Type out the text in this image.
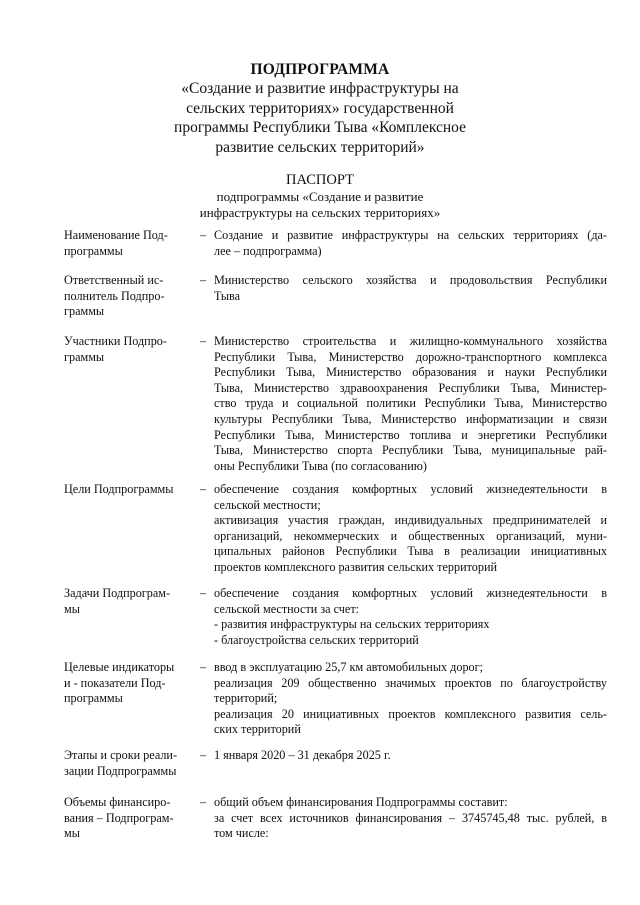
ПОДПРОГРАММА

«Создание и развитие инфраструктуры на

сельских территориях» государственной

программы Республики Тыва «Комплексное

развитие сельских территорий»

ПАСПОРТ

подпрограммы «Создание и развитие

инфраструктуры на сельских территориях»

Наименование Под-
программы
– Создание и развитие инфраструктуры на сельских территориях (да-
лее – подпрограмма)
Ответственный ис-
полнитель Подпро-
граммы
– Министерство сельского хозяйства и продовольствия Республики
Тыва
Участники Подпро-
граммы
– Министерство строительства и жилищно-коммунального хозяйства
Республики Тыва, Министерство дорожно-транспортного комплекса
Республики Тыва, Министерство образования и науки Республики
Тыва, Министерство здравоохранения Республики Тыва, Министер-
ство труда и социальной политики Республики Тыва, Министерство
культуры Республики Тыва, Министерство информатизации и связи
Республики Тыва, Министерство топлива и энергетики Республики
Тыва, Министерство спорта Республики Тыва, муниципальные рай-
оны Республики Тыва (по согласованию)
Цели Подпрограммы	– обеспечение создания комфортных условий жизнедеятельности в
сельской местности;
активизация участия граждан, индивидуальных предпринимателей и
организаций, некоммерческих и общественных организаций, муни-
ципальных районов Республики Тыва в реализации инициативных
проектов комплексного развития сельских территорий
Задачи Подпрограм-
мы
– обеспечение создания комфортных условий жизнедеятельности в
сельской местности за счет:
- развития инфраструктуры на сельских территориях
- благоустройства сельских территорий
Целевые индикаторы
и - показатели Под-
программы
– ввод в эксплуатацию 25,7 км автомобильных дорог;
реализация 209 общественно значимых проектов по благоустройству
территорий;
реализация 20 инициативных проектов комплексного развития сель-
ских территорий
Этапы и сроки реали-
зации Подпрограммы
– 1 января 2020 – 31 декабря 2025 г.
Объемы финансиро-
вания – Подпрограм-
мы
– общий объем финансирования Подпрограммы составит:
за счет всех источников финансирования – 3745745,48 тыс. рублей, в
том числе:
